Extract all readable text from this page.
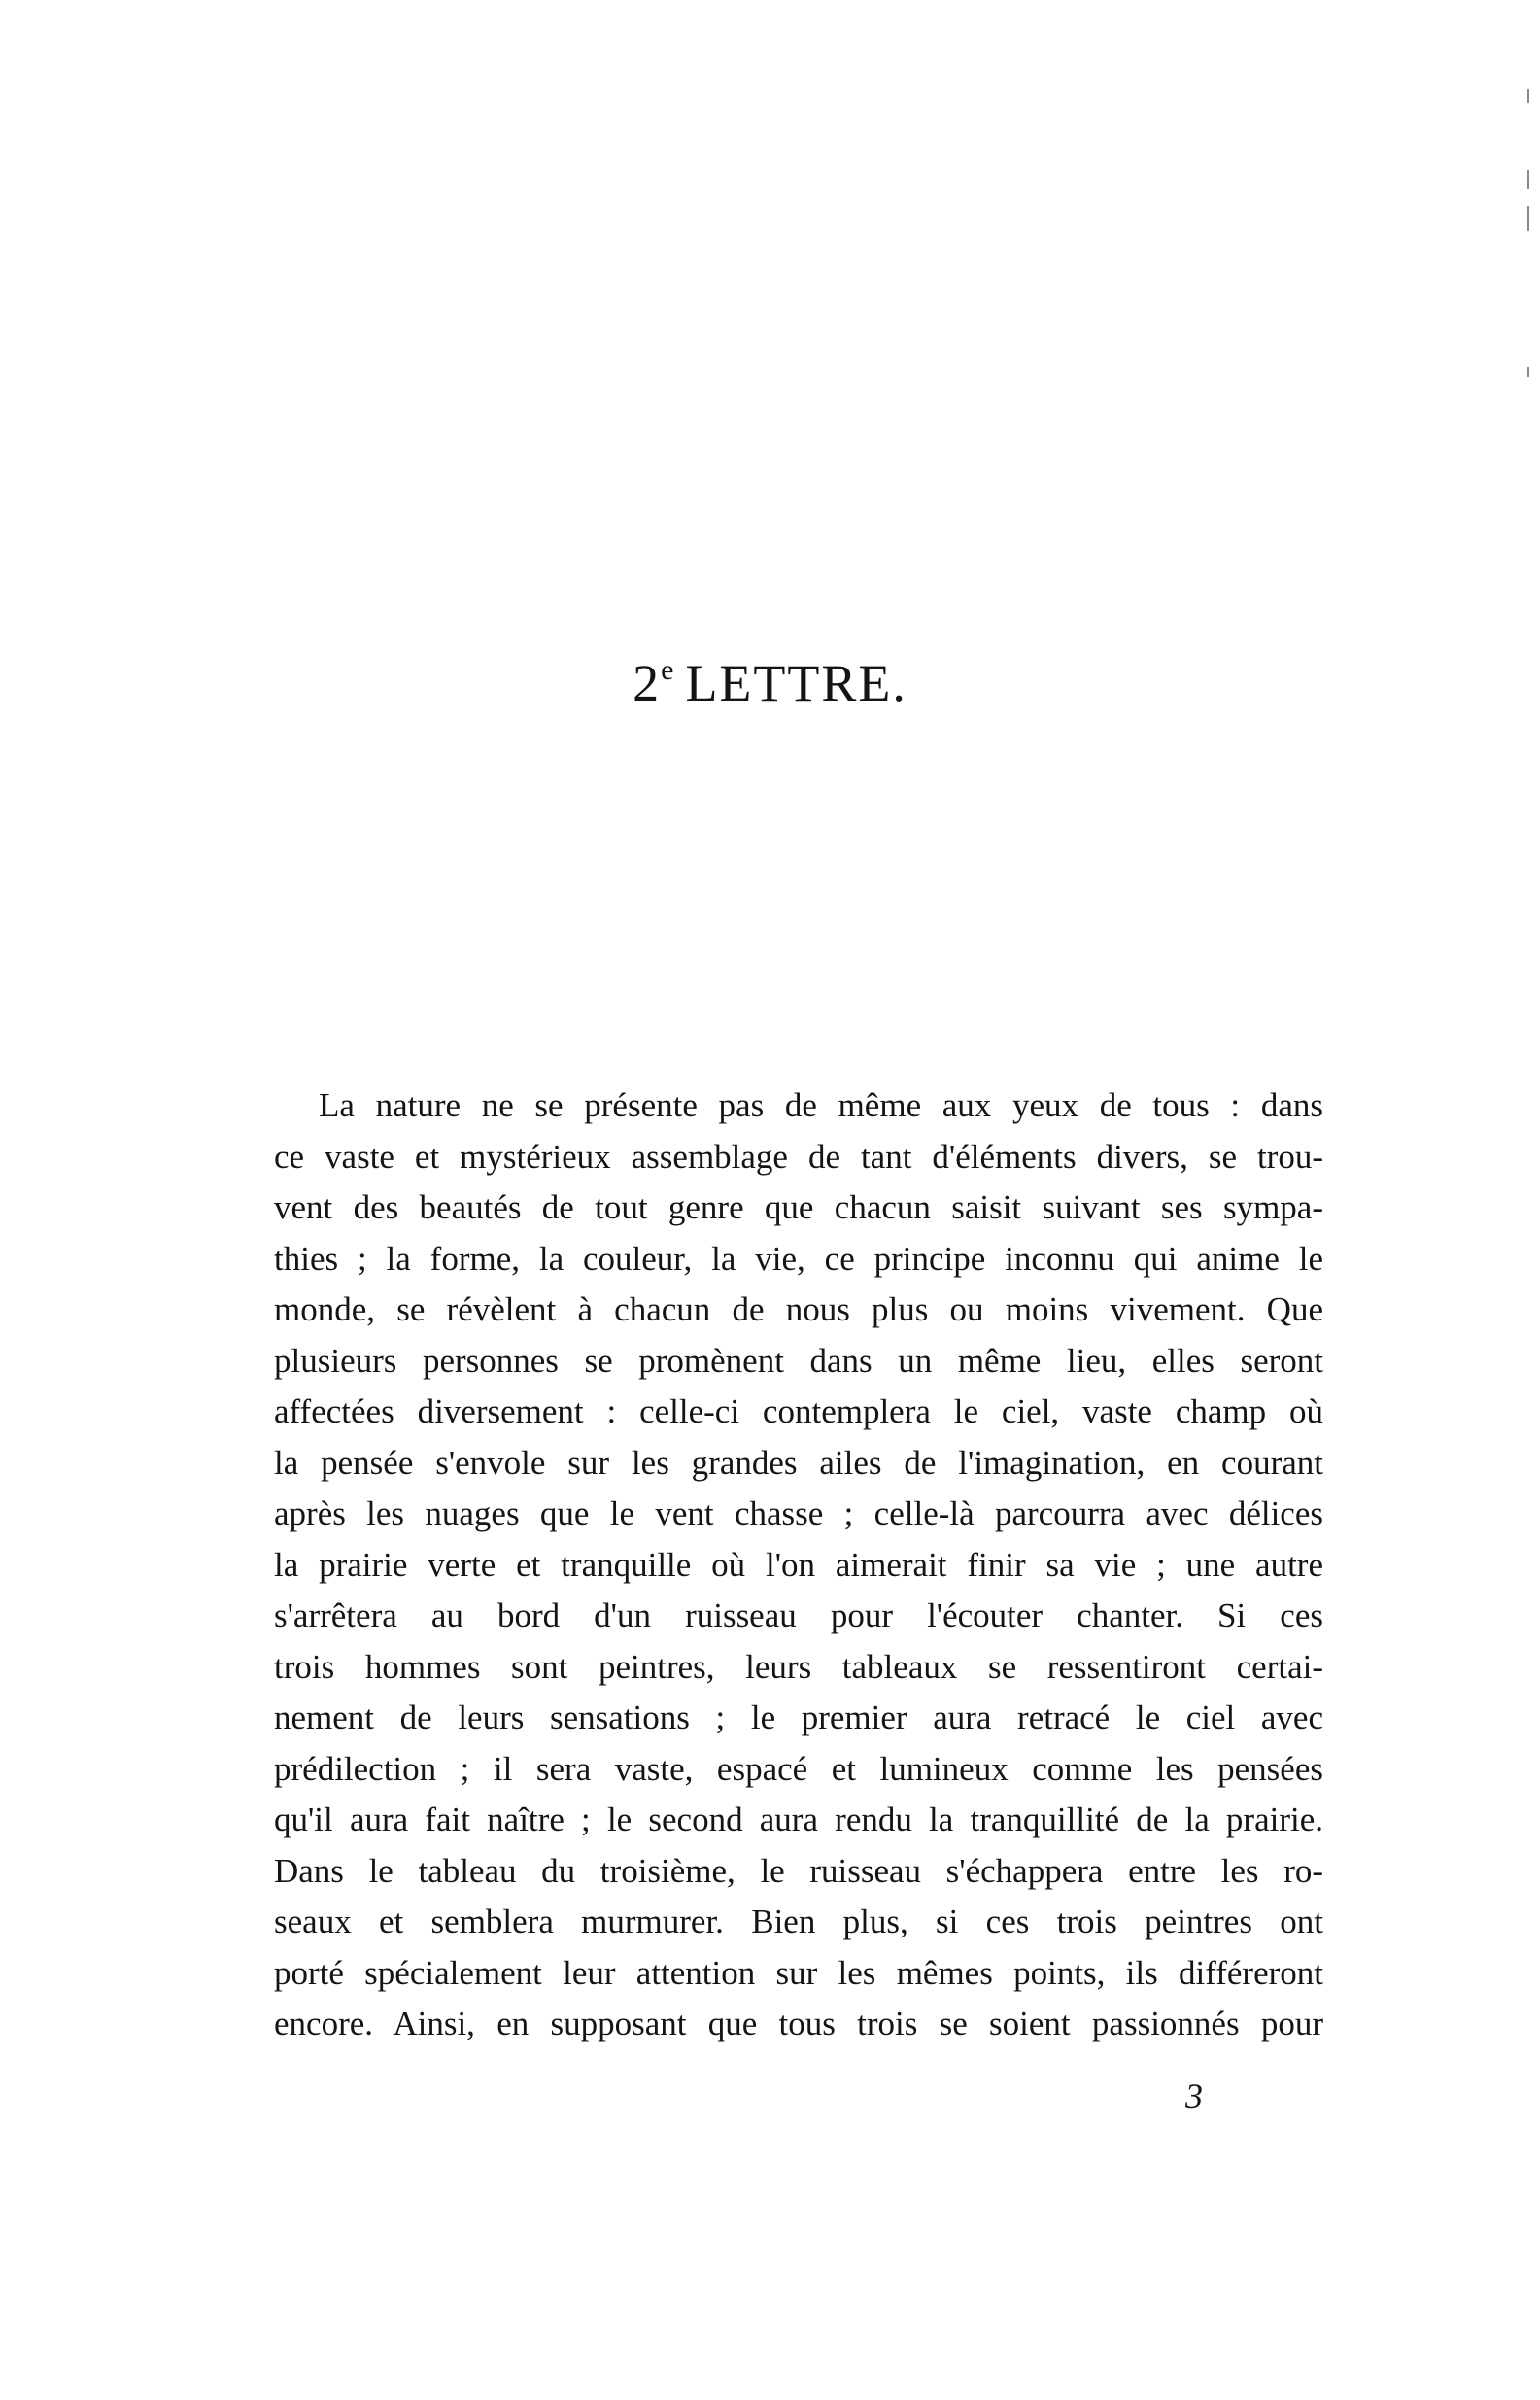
2e LETTRE.
La nature ne se présente pas de même aux yeux de tous : dans
ce vaste et mystérieux assemblage de tant d'éléments divers, se trou-
vent des beautés de tout genre que chacun saisit suivant ses sympa-
thies ; la forme, la couleur, la vie, ce principe inconnu qui anime le
monde, se révèlent à chacun de nous plus ou moins vivement. Que
plusieurs personnes se promènent dans un même lieu, elles seront
affectées diversement : celle-ci contemplera le ciel, vaste champ où
la pensée s'envole sur les grandes ailes de l'imagination, en courant
après les nuages que le vent chasse ; celle-là parcourra avec délices
la prairie verte et tranquille où l'on aimerait finir sa vie ; une autre
s'arrêtera au bord d'un ruisseau pour l'écouter chanter. Si ces
trois hommes sont peintres, leurs tableaux se ressentiront certai-
nement de leurs sensations ; le premier aura retracé le ciel avec
prédilection ; il sera vaste, espacé et lumineux comme les pensées
qu'il aura fait naître ; le second aura rendu la tranquillité de la prairie.
Dans le tableau du troisième, le ruisseau s'échappera entre les ro-
seaux et semblera murmurer. Bien plus, si ces trois peintres ont
porté spécialement leur attention sur les mêmes points, ils différeront
encore. Ainsi, en supposant que tous trois se soient passionnés pour

3
